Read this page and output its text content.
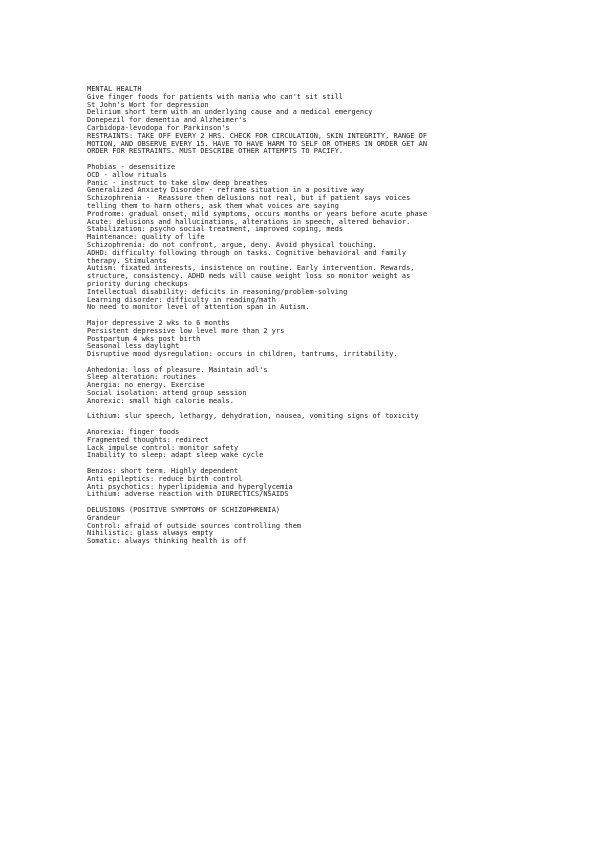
MENTAL HEALTH
Give finger foods for patients with mania who can't sit still
St John's Wort for depression
Delirium short term with an underlying cause and a medical emergency
Donepezil for dementia and Alzheimer's
Carbidopa-levodopa for Parkinson's
RESTRAINTS: TAKE OFF EVERY 2 HRS. CHECK FOR CIRCULATION, SKIN INTEGRITY, RANGE OF
MOTION, AND OBSERVE EVERY 15. HAVE TO HAVE HARM TO SELF OR OTHERS IN ORDER GET AN
ORDER FOR RESTRAINTS. MUST DESCRIBE OTHER ATTEMPTS TO PACIFY.
Phobias - desensitize
OCD - allow rituals
Panic - instruct to take slow deep breathes
Generalized Anxiety Disorder - reframe situation in a positive way
Schizophrenia -  Reassure them delusions not real, but if patient says voices
telling them to harm others, ask them what voices are saying
Prodrome: gradual onset, mild symptoms, occurs months or years before acute phase
Acute: delusions and hallucinations, alterations in speech, altered behavior.
Stabilization: psycho social treatment, improved coping, meds
Maintenance: quality of life
Schizophrenia: do not confront, argue, deny. Avoid physical touching.
ADHD: difficulty following through on tasks. Cognitive behavioral and family
therapy. Stimulants
Autism: fixated interests, insistence on routine. Early intervention. Rewards,
structure, consistency. ADHD meds will cause weight loss so monitor weight as
priority during checkups
Intellectual disability: deficits in reasoning/problem-solving
Learning disorder: difficulty in reading/math
No need to monitor level of attention span in Autism.
Major depressive 2 wks to 6 months
Persistent depressive low level more than 2 yrs
Postpartum 4 wks post birth
Seasonal less daylight
Disruptive mood dysregulation: occurs in children, tantrums, irritability.
Anhedonia: loss of pleasure. Maintain adl's
Sleep alteration: routines
Anergia: no energy. Exercise
Social isolation: attend group session
Anorexic: small high calorie meals.
Lithium: slur speech, lethargy, dehydration, nausea, vomiting signs of toxicity
Anorexia: finger foods
Fragmented thoughts: redirect
Lack impulse control: monitor safety
Inability to sleep: adapt sleep wake cycle
Benzos: short term. Highly dependent
Anti epileptics: reduce birth control
Anti psychotics: hyperlipidemia and hyperglycemia
Lithium: adverse reaction with DIURECTICS/NSAIDS
DELUSIONS (POSITIVE SYMPTOMS OF SCHIZOPHRENIA)
Grandeur
Control: afraid of outside sources controlling them
Nihilistic: glass always empty
Somatic: always thinking health is off
